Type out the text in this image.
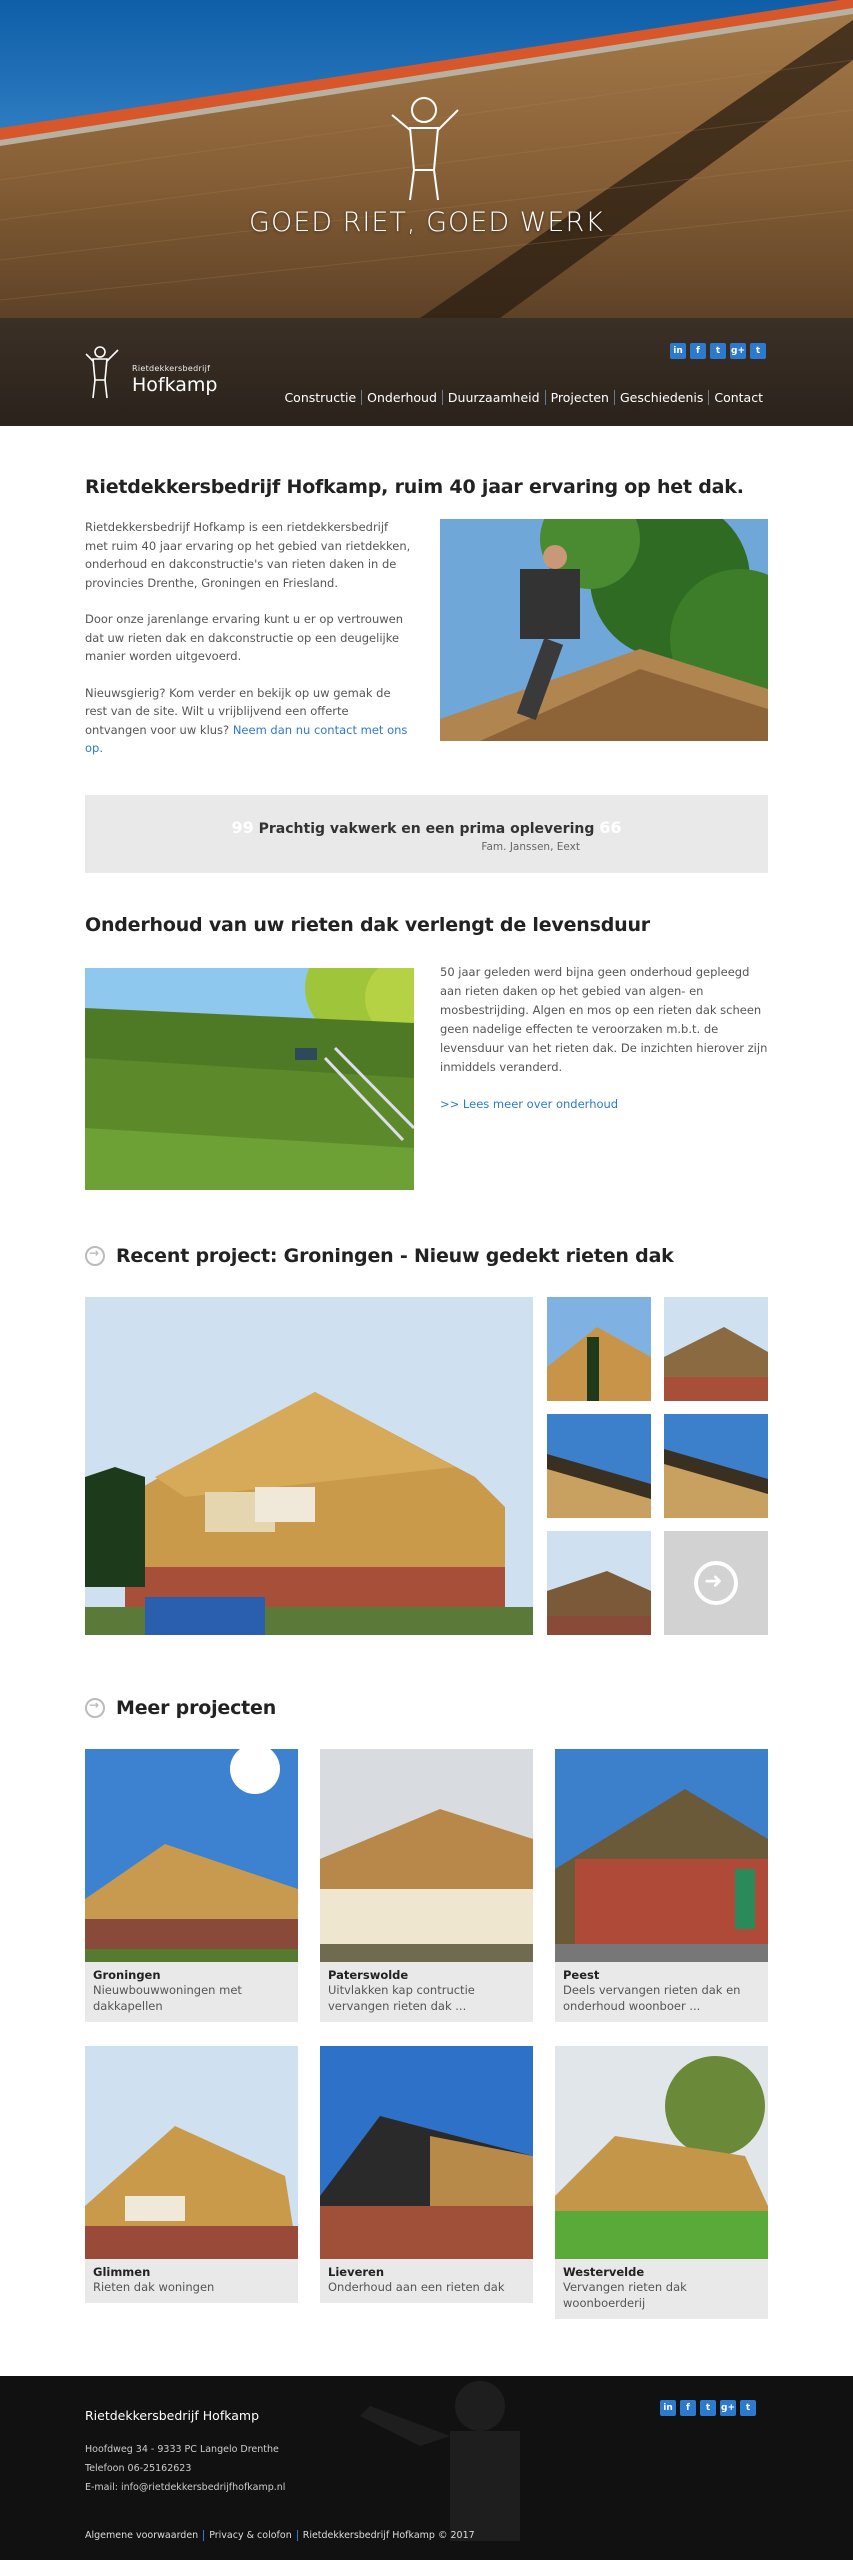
GOED RIET, GOED WERK
Rietdekkersbedrijf
Hofkamp
in	f	t	g+	t
Constructie Onderhoud Duurzaamheid Projecten Geschiedenis Contact
Rietdekkersbedrijf Hofkamp, ruim 40 jaar ervaring op het dak.

Rietdekkersbedrijf Hofkamp is een rietdekkersbedrijf met ruim 40 jaar ervaring op het gebied van rietdekken, onderhoud en dakconstructie's van rieten daken in de provincies Drenthe, Groningen en Friesland.

Door onze jarenlange ervaring kunt u er op vertrouwen dat uw rieten dak en dakconstructie op een deugelijke manier worden uitgevoerd.

Nieuwsgierig? Kom verder en bekijk op uw gemak de rest van de site. Wilt u vrijblijvend een offerte ontvangen voor uw klus? Neem dan nu contact met ons op.

99 Prachtig vakwerk en een prima oplevering 66
Fam. Janssen, Eext
Onderhoud van uw rieten dak verlengt de levensduur
50 jaar geleden werd bijna geen onderhoud gepleegd aan rieten daken op het gebied van algen- en mosbestrijding. Algen en mos op een rieten dak scheen geen nadelige effecten te veroorzaken m.b.t. de levensduur van het rieten dak. De inzichten hierover zijn inmiddels veranderd.
>> Lees meer over onderhoud
→
Recent project: Groningen - Nieuw gedekt rieten dak
➜
→
Meer projecten
Groningen
Nieuwbouwwoningen met dakkapellen
Paterswolde
Uitvlakken kap contructie vervangen rieten dak ...
Peest
Deels vervangen rieten dak en onderhoud woonboer ...
Glimmen
Rieten dak woningen
Lieveren
Onderhoud aan een rieten dak
Westervelde
Vervangen rieten dak woonboerderij
Rietdekkersbedrijf Hofkamp
Hoofdweg 34 - 9333 PC Langelo Drenthe
Telefoon 06-25162623
E-mail: info@rietdekkersbedrijfhofkamp.nl
Algemene voorwaarden	Privacy & colofon	Rietdekkersbedrijf Hofkamp © 2017
in	f	t	g+	t
